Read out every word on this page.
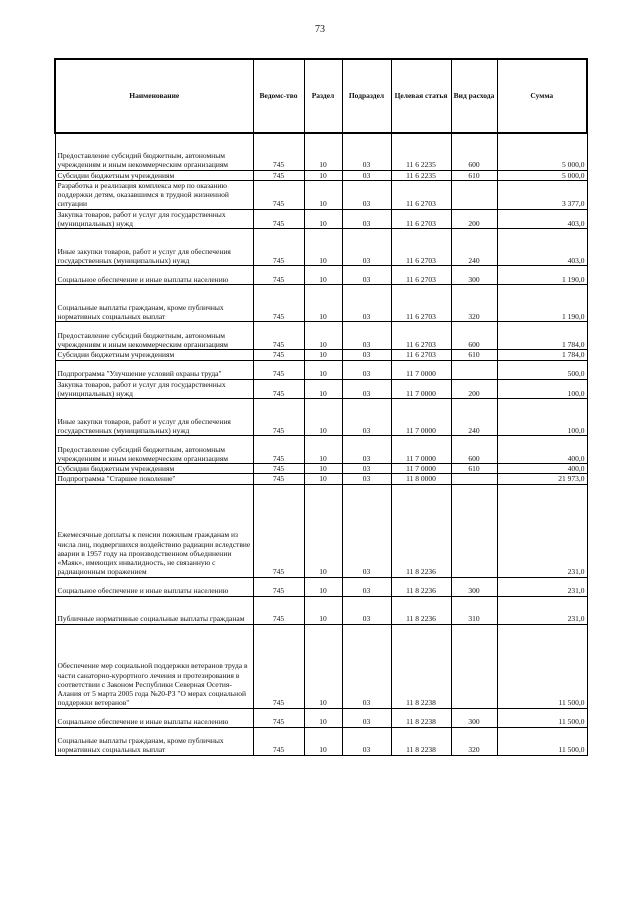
73
Наименование	Ведомс-тво	Раздел	Подраздел	Целевая статья	Вид расхода	Сумма
Предоставление субсидий бюджетным, автономным учреждениям и иным некоммерческим организациям	745	10	03	11 6 2235	600	5 000,0
Субсидии бюджетным учреждениям	745	10	03	11 6 2235	610	5 000,0
Разработка и реализация комплекса мер по оказанию поддержки детям, оказавшимся в трудной жизненной ситуации	745	10	03	11 6 2703		3 377,0
Закупка товаров, работ и услуг для государственных (муниципальных) нужд	745	10	03	11 6 2703	200	403,0
Иные закупки товаров, работ и услуг для обеспечения государственных (муниципальных) нужд	745	10	03	11 6 2703	240	403,0
Социальное обеспечение и иные выплаты населению	745	10	03	11 6 2703	300	1 190,0
Социальные выплаты гражданам, кроме публичных нормативных социальных выплат	745	10	03	11 6 2703	320	1 190,0
Предоставление субсидий бюджетным, автономным учреждениям и иным некоммерческим организациям	745	10	03	11 6 2703	600	1 784,0
Субсидии бюджетным учреждениям	745	10	03	11 6 2703	610	1 784,0
Подпрограмма "Улучшение условий охраны труда"	745	10	03	11 7 0000		500,0
Закупка товаров, работ и услуг для государственных (муниципальных) нужд	745	10	03	11 7 0000	200	100,0
Иные закупки товаров, работ и услуг для обеспечения государственных (муниципальных) нужд	745	10	03	11 7 0000	240	100,0
Предоставление субсидий бюджетным, автономным учреждениям и иным некоммерческим организациям	745	10	03	11 7 0000	600	400,0
Субсидии бюджетным учреждениям	745	10	03	11 7 0000	610	400,0
Подпрограмма "Старшее поколение"	745	10	03	11 8 0000		21 973,0
Ежемесячные доплаты к пенсии пожилым гражданам из числа лиц, подвергшихся воздействию радиации вследствие аварии в 1957 году на производственном объединении «Маяк», имеющих инвалидность, не связанную с радиационным поражением	745	10	03	11 8 2236		231,0
Социальное обеспечение и иные выплаты населению	745	10	03	11 8 2236	300	231,0
Публичные нормативные социальные выплаты гражданам	745	10	03	11 8 2236	310	231,0
Обеспечение мер социальной поддержки ветеранов труда в части санаторно-курортного лечения и протезирования в соответствии с Законом Республики Северная Осетия-Алания от 5 марта 2005 года №20-РЗ "О мерах социальной поддержки ветеранов"	745	10	03	11 8 2238		11 500,0
Социальное обеспечение и иные выплаты населению	745	10	03	11 8 2238	300	11 500,0
Социальные выплаты гражданам, кроме публичных нормативных социальных выплат	745	10	03	11 8 2238	320	11 500,0
